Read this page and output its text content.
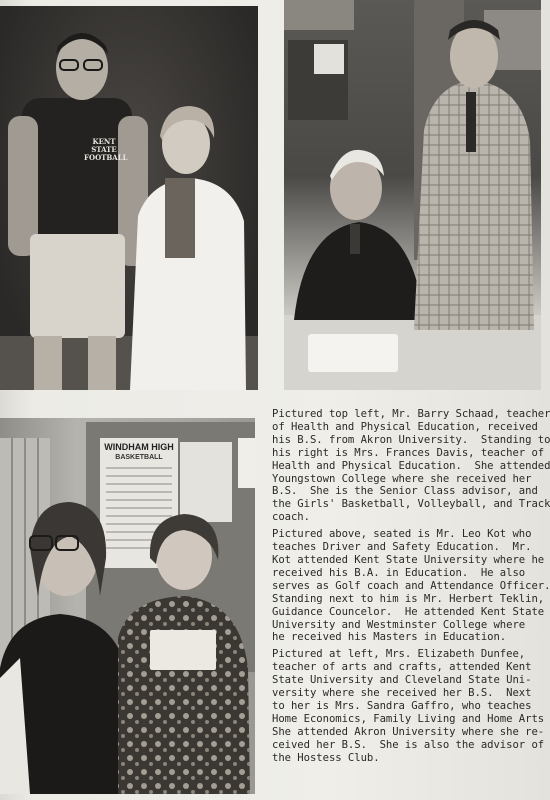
KENT STATE
FOOTBALL
WINDHAM HIGH
BASKETBALL
Pictured top left, Mr. Barry Schaad, teacher
of Health and Physical Education, received
his B.S. from Akron University.  Standing to
his right is Mrs. Frances Davis, teacher of
Health and Physical Education.  She attended
Youngstown College where she received her
B.S.  She is the Senior Class advisor, and
the Girls' Basketball, Volleyball, and Track
coach.
Pictured above, seated is Mr. Leo Kot who
teaches Driver and Safety Education.  Mr.
Kot attended Kent State University where he
received his B.A. in Education.  He also
serves as Golf coach and Attendance Officer.
Standing next to him is Mr. Herbert Teklin,
Guidance Councelor.  He attended Kent State
University and Westminster College where
he received his Masters in Education.
Pictured at left, Mrs. Elizabeth Dunfee,
teacher of arts and crafts, attended Kent
State University and Cleveland State Uni-
versity where she received her B.S.  Next
to her is Mrs. Sandra Gaffro, who teaches
Home Economics, Family Living and Home Arts
She attended Akron University where she re-
ceived her B.S.  She is also the advisor of
the Hostess Club.
